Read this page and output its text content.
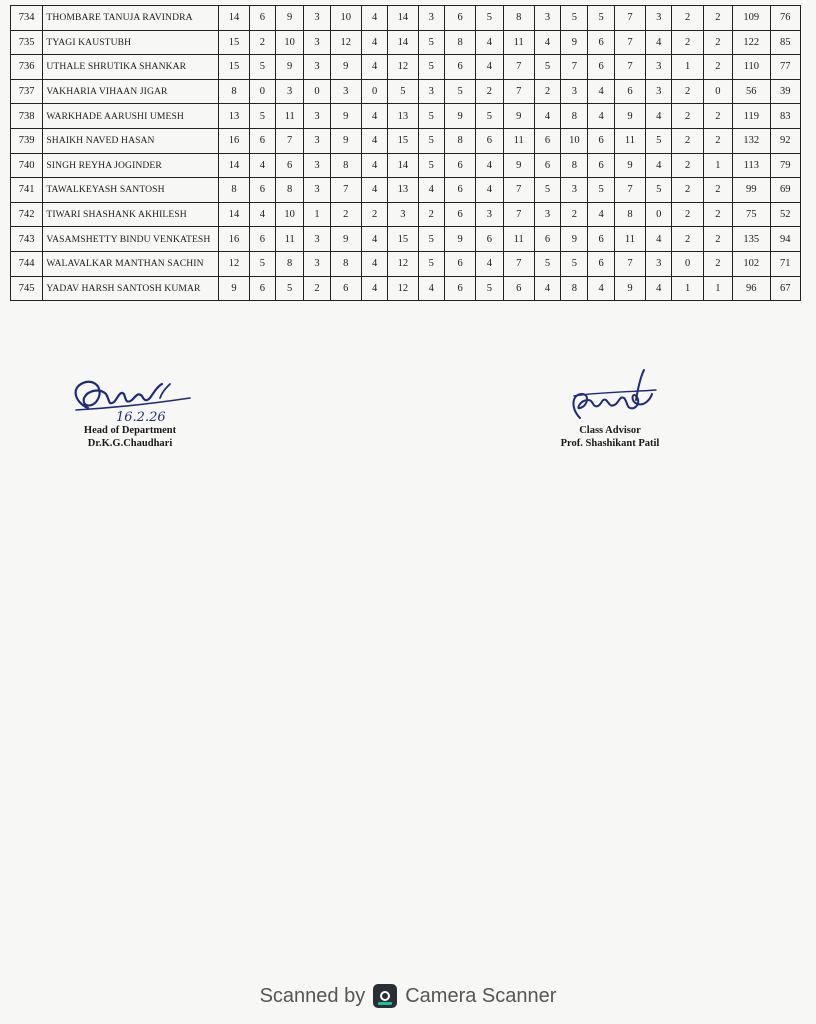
734	THOMBARE TANUJA RAVINDRA	14	6	9	3	10	4	14	3	6	5	8	3	5	5	7	3	2	2	109	76
735	TYAGI KAUSTUBH	15	2	10	3	12	4	14	5	8	4	11	4	9	6	7	4	2	2	122	85
736	UTHALE SHRUTIKA SHANKAR	15	5	9	3	9	4	12	5	6	4	7	5	7	6	7	3	1	2	110	77
737	VAKHARIA VIHAAN JIGAR	8	0	3	0	3	0	5	3	5	2	7	2	3	4	6	3	2	0	56	39
738	WARKHADE AARUSHI UMESH	13	5	11	3	9	4	13	5	9	5	9	4	8	4	9	4	2	2	119	83
739	SHAIKH NAVED HASAN	16	6	7	3	9	4	15	5	8	6	11	6	10	6	11	5	2	2	132	92
740	SINGH REYHA JOGINDER	14	4	6	3	8	4	14	5	6	4	9	6	8	6	9	4	2	1	113	79
741	TAWALKEYASH SANTOSH	8	6	8	3	7	4	13	4	6	4	7	5	3	5	7	5	2	2	99	69
742	TIWARI SHASHANK AKHILESH	14	4	10	1	2	2	3	2	6	3	7	3	2	4	8	0	2	2	75	52
743	VASAMSHETTY BINDU VENKATESH	16	6	11	3	9	4	15	5	9	6	11	6	9	6	11	4	2	2	135	94
744	WALAVALKAR MANTHAN SACHIN	12	5	8	3	8	4	12	5	6	4	7	5	5	6	7	3	0	2	102	71
745	YADAV HARSH SANTOSH KUMAR	9	6	5	2	6	4	12	4	6	5	6	4	8	4	9	4	1	1	96	67
16.2.26
Head of Department
Dr.K.G.Chaudhari
Class Advisor
Prof. Shashikant Patil
Scanned by Camera Scanner
